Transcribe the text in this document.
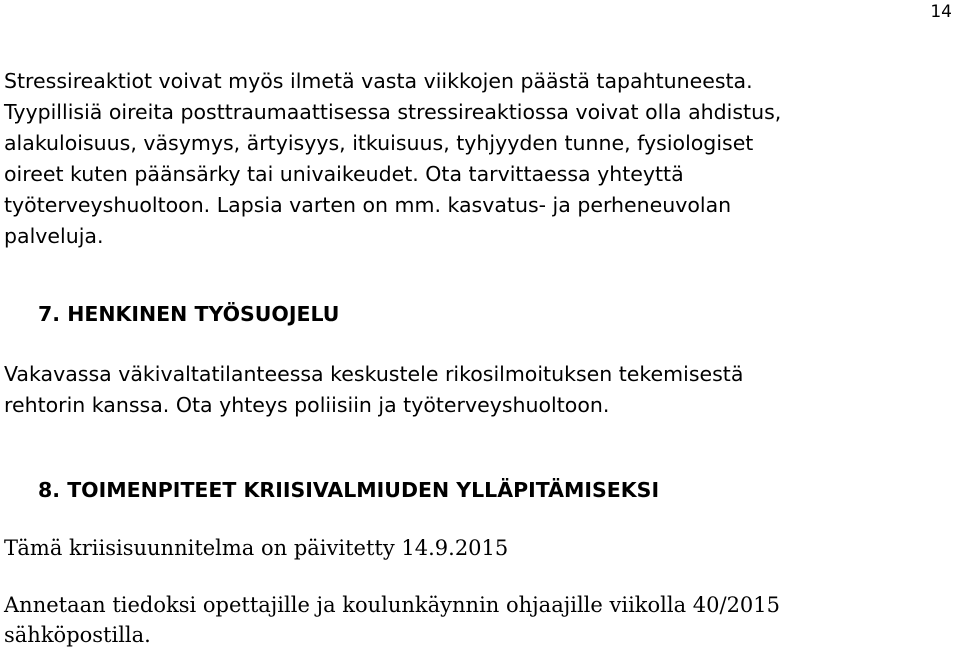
14
Stressireaktiot voivat myös ilmetä vasta viikkojen päästä tapahtuneesta.
Tyypillisiä oireita posttraumaattisessa stressireaktiossa voivat olla ahdistus,
alakuloisuus, väsymys, ärtyisyys, itkuisuus, tyhjyyden tunne, fysiologiset
oireet kuten päänsärky tai univaikeudet. Ota tarvittaessa yhteyttä
työterveyshuoltoon. Lapsia varten on mm. kasvatus- ja perheneuvolan
palveluja.
7. HENKINEN TYÖSUOJELU
Vakavassa väkivaltatilanteessa keskustele rikosilmoituksen tekemisestä
rehtorin kanssa. Ota yhteys poliisiin ja työterveyshuoltoon.
8. TOIMENPITEET KRIISIVALMIUDEN YLLÄPITÄMISEKSI
Tämä kriisisuunnitelma on päivitetty 14.9.2015
Annetaan tiedoksi opettajille ja koulunkäynnin ohjaajille viikolla 40/2015
sähköpostilla.
